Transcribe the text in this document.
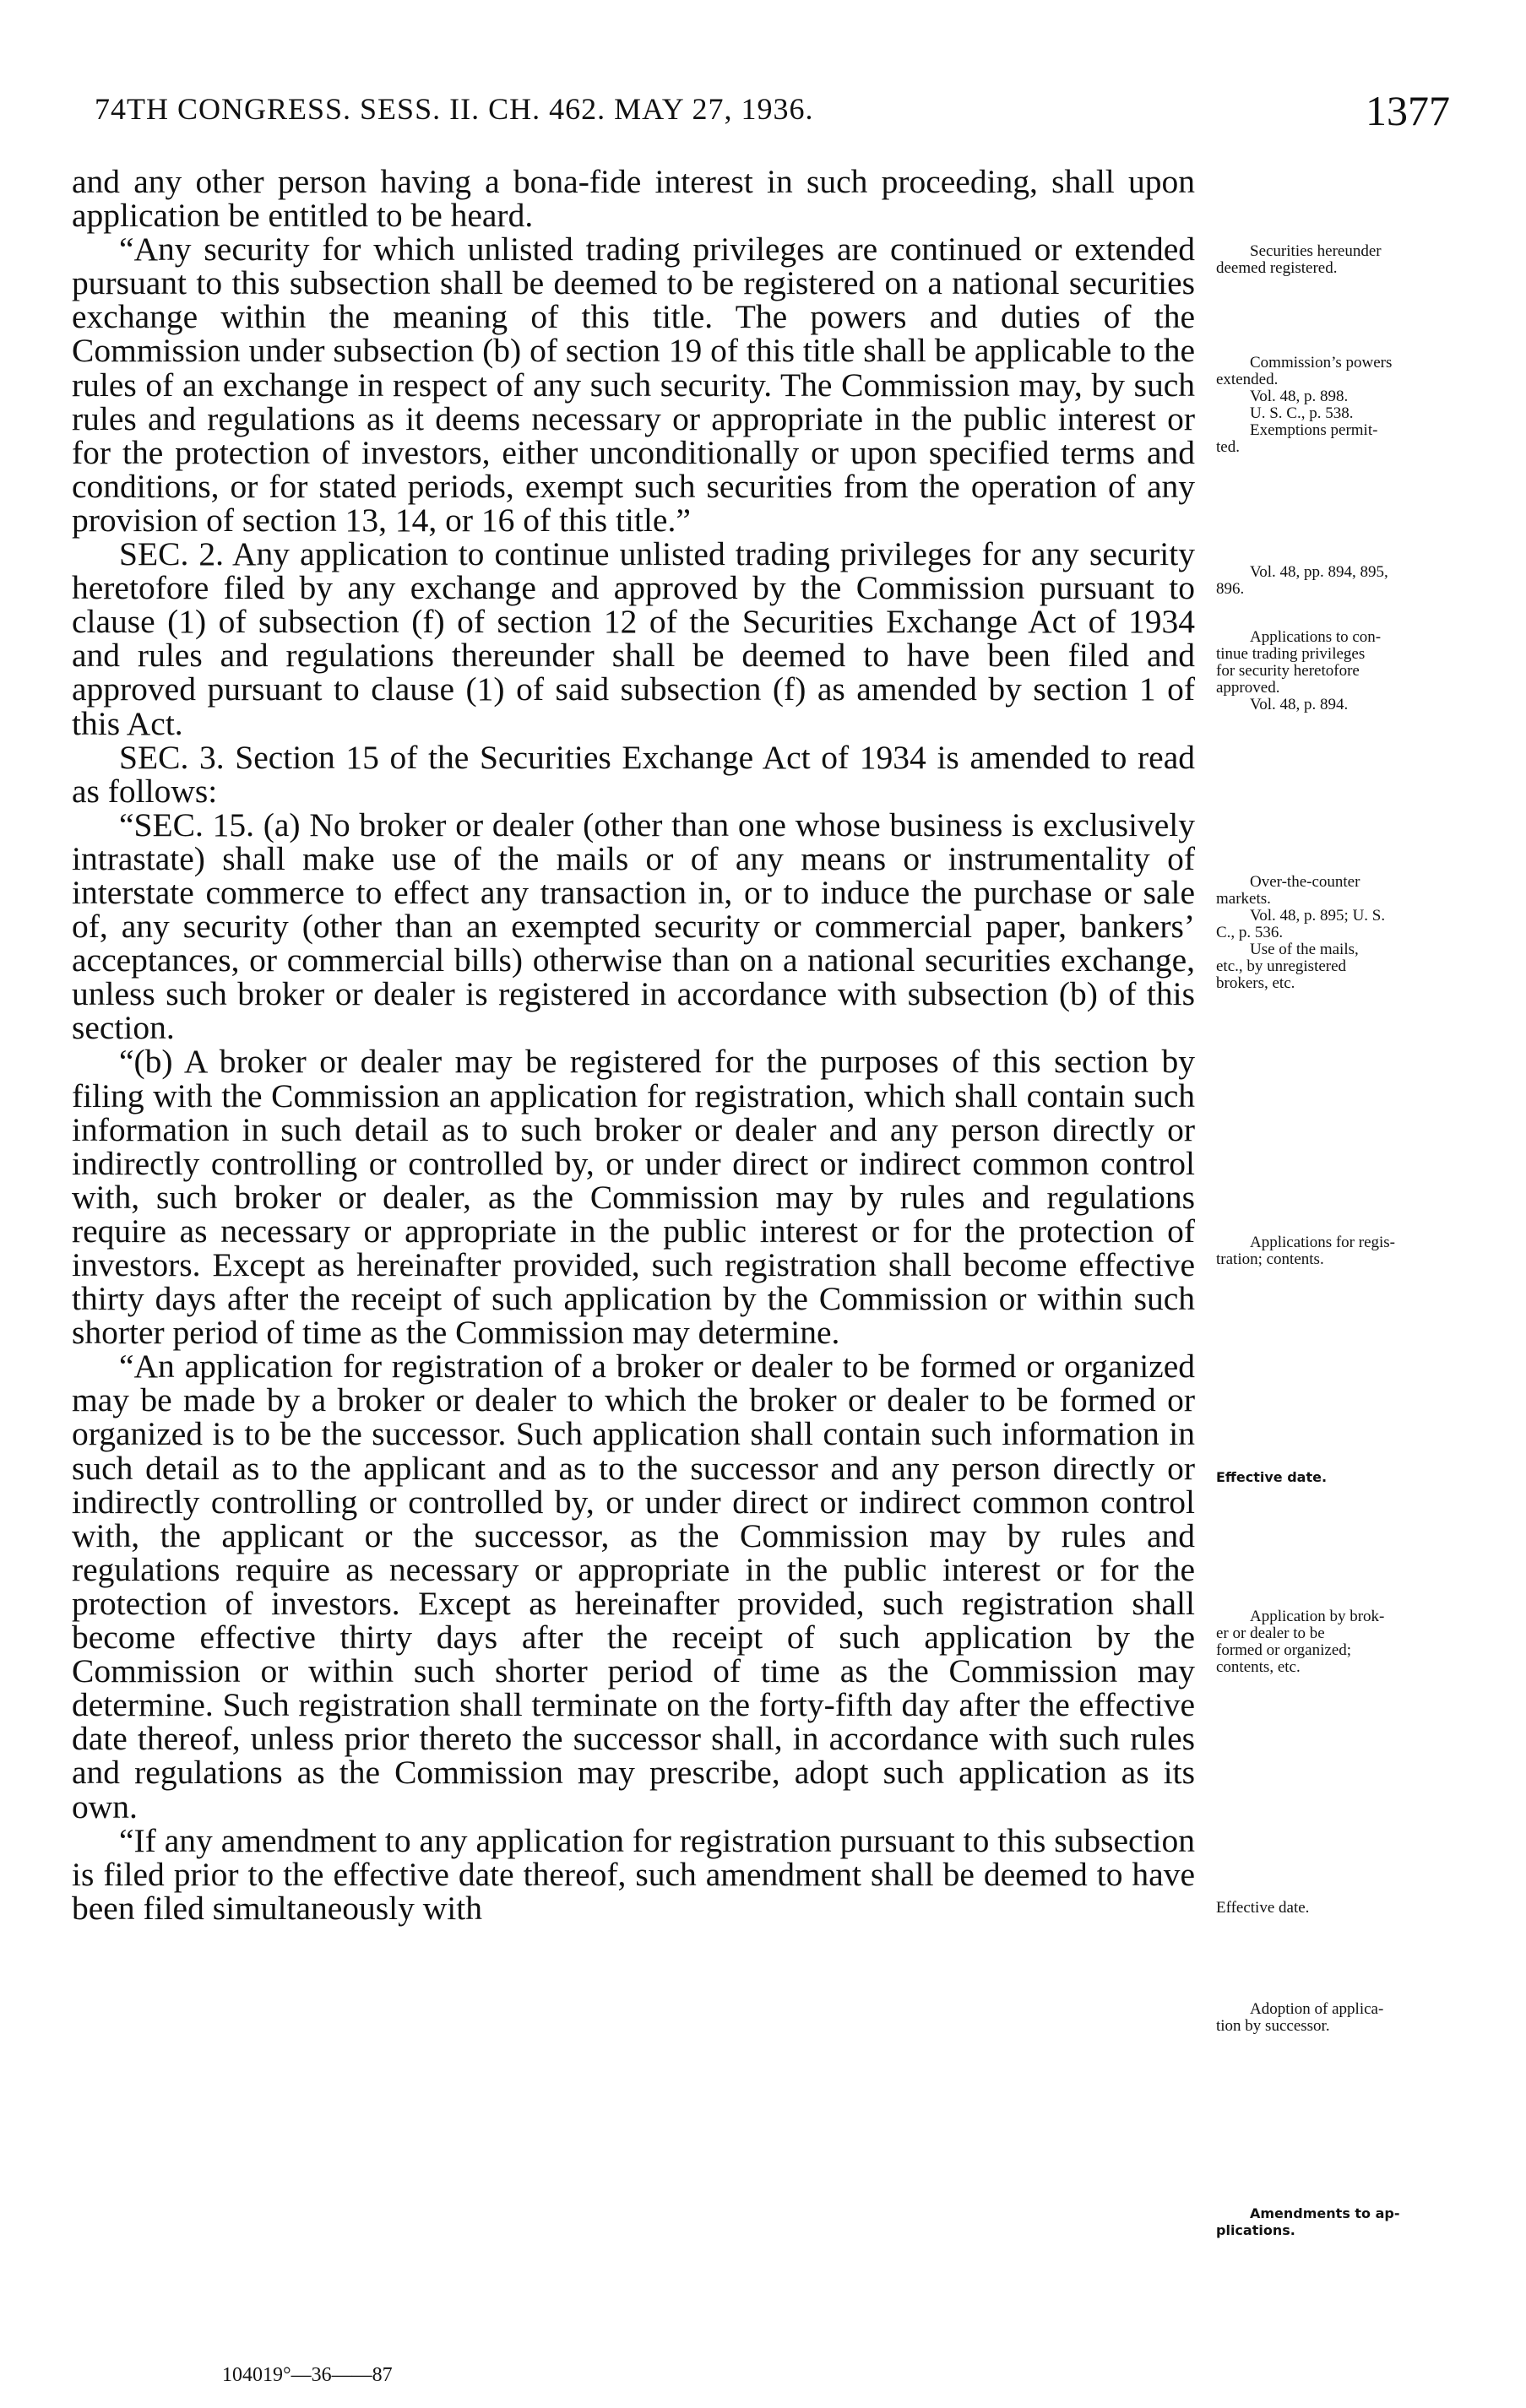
74TH CONGRESS. SESS. II. CH. 462. MAY 27, 1936.	1377

and any other person having a bona-fide interest in such proceeding, shall upon application be entitled to be heard.

“Any security for which unlisted trading privileges are continued or extended pursuant to this subsection shall be deemed to be registered on a national securities exchange within the meaning of this title. The powers and duties of the Commission under subsection (b) of section 19 of this title shall be applicable to the rules of an exchange in respect of any such security. The Commission may, by such rules and regulations as it deems necessary or appropriate in the public interest or for the protection of investors, either unconditionally or upon specified terms and conditions, or for stated periods, exempt such securities from the operation of any provision of section 13, 14, or 16 of this title.”

SEC. 2. Any application to continue unlisted trading privileges for any security heretofore filed by any exchange and approved by the Commission pursuant to clause (1) of subsection (f) of section 12 of the Securities Exchange Act of 1934 and rules and regulations thereunder shall be deemed to have been filed and approved pursuant to clause (1) of said subsection (f) as amended by section 1 of this Act.

SEC. 3. Section 15 of the Securities Exchange Act of 1934 is amended to read as follows:

“SEC. 15. (a) No broker or dealer (other than one whose business is exclusively intrastate) shall make use of the mails or of any means or instrumentality of interstate commerce to effect any transaction in, or to induce the purchase or sale of, any security (other than an exempted security or commercial paper, bankers’ acceptances, or commercial bills) otherwise than on a national securities exchange, unless such broker or dealer is registered in accordance with subsection (b) of this section.

“(b) A broker or dealer may be registered for the purposes of this section by filing with the Commission an application for registration, which shall contain such information in such detail as to such broker or dealer and any person directly or indirectly controlling or controlled by, or under direct or indirect common control with, such broker or dealer, as the Commission may by rules and regulations require as necessary or appropriate in the public interest or for the protection of investors. Except as hereinafter provided, such registration shall become effective thirty days after the receipt of such application by the Commission or within such shorter period of time as the Commission may determine.

“An application for registration of a broker or dealer to be formed or organized may be made by a broker or dealer to which the broker or dealer to be formed or organized is to be the successor. Such application shall contain such information in such detail as to the applicant and as to the successor and any person directly or indirectly controlling or controlled by, or under direct or indirect common control with, the applicant or the successor, as the Commission may by rules and regulations require as necessary or appropriate in the public interest or for the protection of investors. Except as hereinafter provided, such registration shall become effective thirty days after the receipt of such application by the Commission or within such shorter period of time as the Commission may determine. Such registration shall terminate on the forty-fifth day after the effective date thereof, unless prior thereto the successor shall, in accordance with such rules and regulations as the Commission may prescribe, adopt such application as its own.

“If any amendment to any application for registration pursuant to this subsection is filed prior to the effective date thereof, such amendment shall be deemed to have been filed simultaneously with

Securities hereunder
deemed registered.
Commission’s powers
extended.
Vol. 48, p. 898.
U. S. C., p. 538.
Exemptions permit-
ted.
Vol. 48, pp. 894, 895,
896.
Applications to con-
tinue trading privileges
for security heretofore
approved.
Vol. 48, p. 894.
Over-the-counter
markets.
Vol. 48, p. 895; U. S.
C., p. 536.
Use of the mails,
etc., by unregistered
brokers, etc.
Applications for regis-
tration; contents.
Effective date.
Application by brok-
er or dealer to be
formed or organized;
contents, etc.
Effective date.
Adoption of applica-
tion by successor.
Amendments to ap-
plications.
104019°—36——87
